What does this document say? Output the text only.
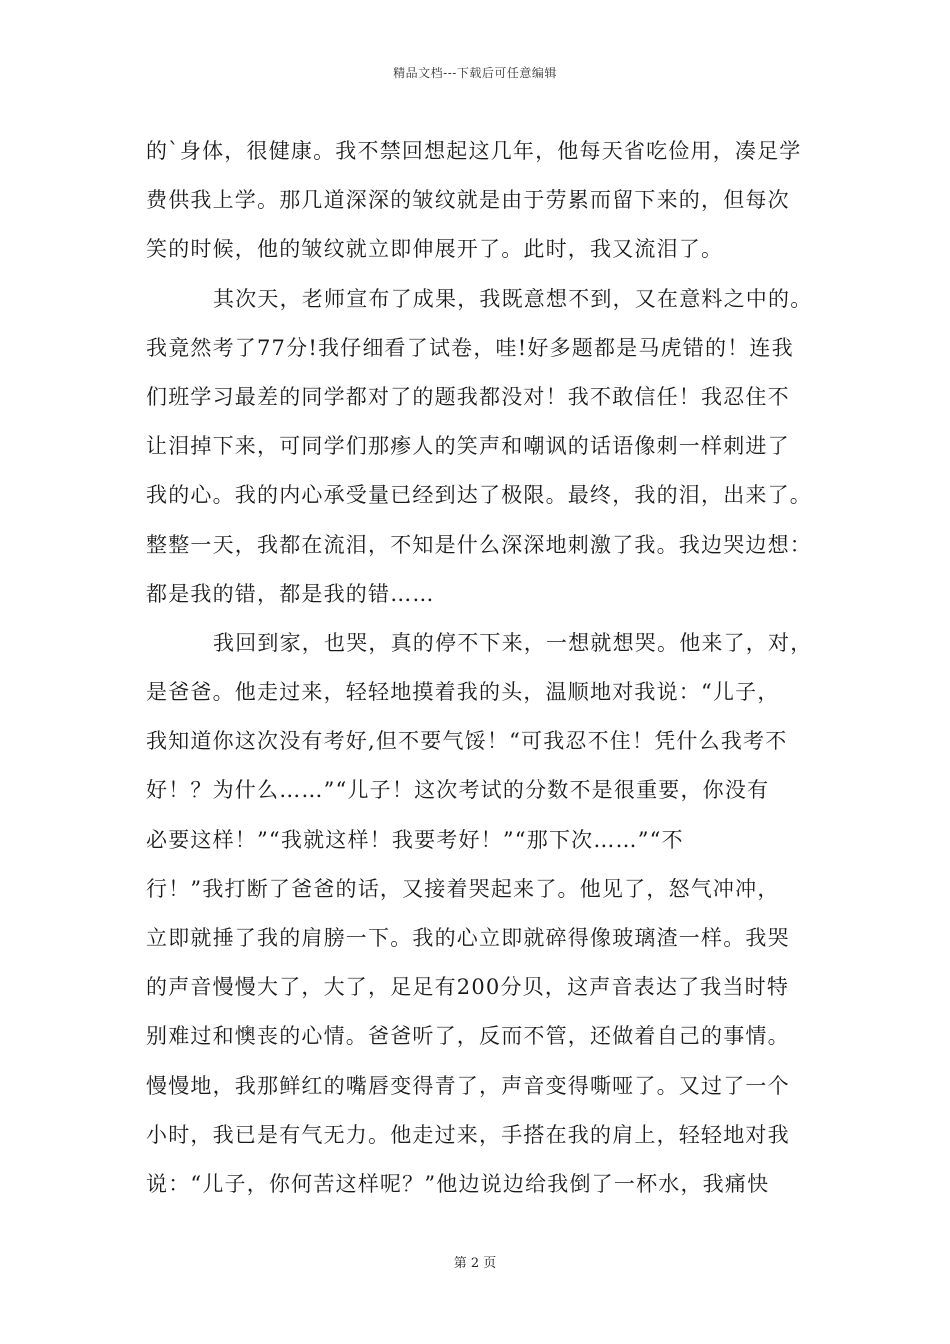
精品文档---下载后可任意编辑
的`身体，很健康。我不禁回想起这几年，他每天省吃俭用，凑足学
费供我上学。那几道深深的皱纹就是由于劳累而留下来的，但每次
笑的时候，他的皱纹就立即伸展开了。此时，我又流泪了。
其次天，老师宣布了成果，我既意想不到，又在意料之中的。
我竟然考了77分!我仔细看了试卷，哇!好多题都是马虎错的！连我
们班学习最差的同学都对了的题我都没对！我不敢信任！我忍住不
让泪掉下来，可同学们那瘆人的笑声和嘲讽的话语像刺一样刺进了
我的心。我的内心承受量已经到达了极限。最终，我的泪，出来了。
整整一天，我都在流泪，不知是什么深深地刺激了我。我边哭边想：
都是我的错，都是我的错……
我回到家，也哭，真的停不下来，一想就想哭。他来了，对，
是爸爸。他走过来，轻轻地摸着我的头，温顺地对我说：“儿子，
我知道你这次没有考好,但不要气馁！“可我忍不住！凭什么我考不
好！？为什么……”“儿子！这次考试的分数不是很重要，你没有
必要这样！”“我就这样！我要考好！”“那下次……”“不
行！”我打断了爸爸的话，又接着哭起来了。他见了，怒气冲冲，
立即就捶了我的肩膀一下。我的心立即就碎得像玻璃渣一样。我哭
的声音慢慢大了，大了，足足有200分贝，这声音表达了我当时特
别难过和懊丧的心情。爸爸听了，反而不管，还做着自己的事情。
慢慢地，我那鲜红的嘴唇变得青了，声音变得嘶哑了。又过了一个
小时，我已是有气无力。他走过来，手搭在我的肩上，轻轻地对我
说：“儿子，你何苦这样呢？”他边说边给我倒了一杯水，我痛快
第 2 页
